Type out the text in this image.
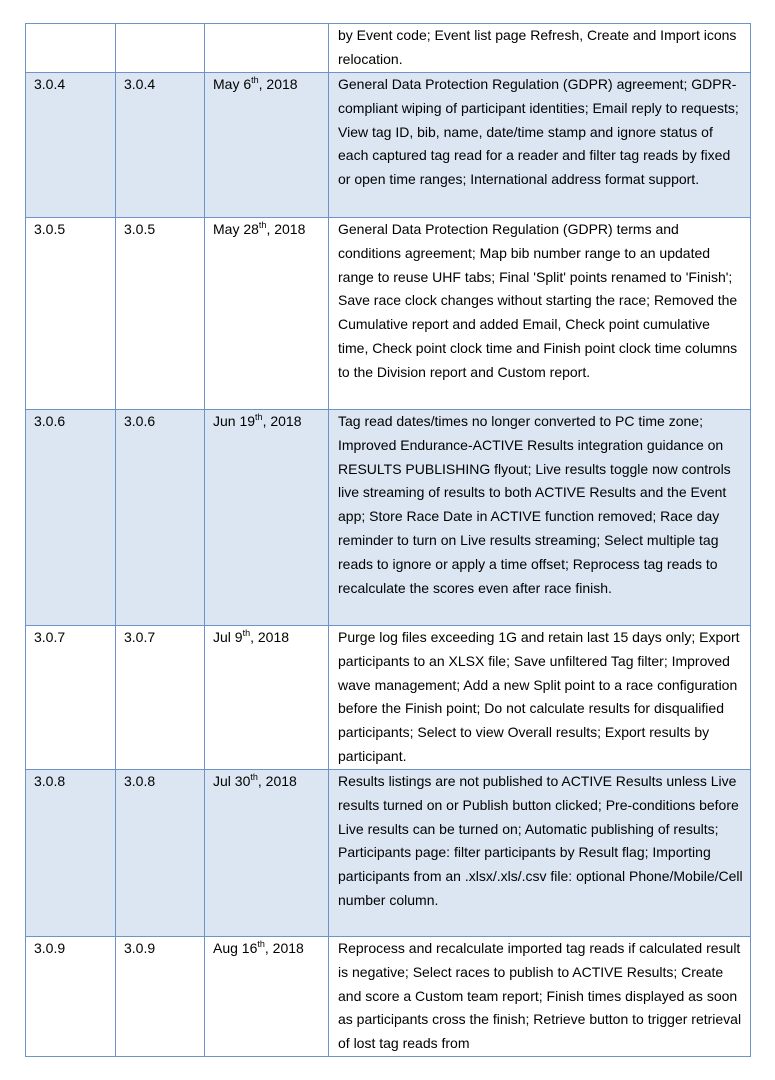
			by Event code; Event list page Refresh, Create and Import icons relocation.
3.0.4	3.0.4	May 6th, 2018	General Data Protection Regulation (GDPR) agreement; GDPR-compliant wiping of participant identities; Email reply to requests; View tag ID, bib, name, date/time stamp and ignore status of each captured tag read for a reader and filter tag reads by fixed or open time ranges; International address format support.
3.0.5	3.0.5	May 28th, 2018	General Data Protection Regulation (GDPR) terms and conditions agreement; Map bib number range to an updated range to reuse UHF tabs; Final 'Split' points renamed to 'Finish'; Save race clock changes without starting the race; Removed the Cumulative report and added Email, Check point cumulative time, Check point clock time and Finish point clock time columns to the Division report and Custom report.
3.0.6	3.0.6	Jun 19th, 2018	Tag read dates/times no longer converted to PC time zone; Improved Endurance-ACTIVE Results integration guidance on RESULTS PUBLISHING flyout; Live results toggle now controls live streaming of results to both ACTIVE Results and the Event app; Store Race Date in ACTIVE function removed; Race day reminder to turn on Live results streaming; Select multiple tag reads to ignore or apply a time offset; Reprocess tag reads to recalculate the scores even after race finish.
3.0.7	3.0.7	Jul 9th, 2018	Purge log files exceeding 1G and retain last 15 days only; Export participants to an XLSX file; Save unfiltered Tag filter; Improved wave management; Add a new Split point to a race configuration before the Finish point; Do not calculate results for disqualified participants; Select to view Overall results; Export results by participant.
3.0.8	3.0.8	Jul 30th, 2018	Results listings are not published to ACTIVE Results unless Live results turned on or Publish button clicked; Pre-conditions before Live results can be turned on; Automatic publishing of results; Participants page: filter participants by Result flag; Importing participants from an .xlsx/.xls/.csv file: optional Phone/Mobile/Cell number column.
3.0.9	3.0.9	Aug 16th, 2018	Reprocess and recalculate imported tag reads if calculated result is negative; Select races to publish to ACTIVE Results; Create and score a Custom team report; Finish times displayed as soon as participants cross the finish; Retrieve button to trigger retrieval of lost tag reads from
